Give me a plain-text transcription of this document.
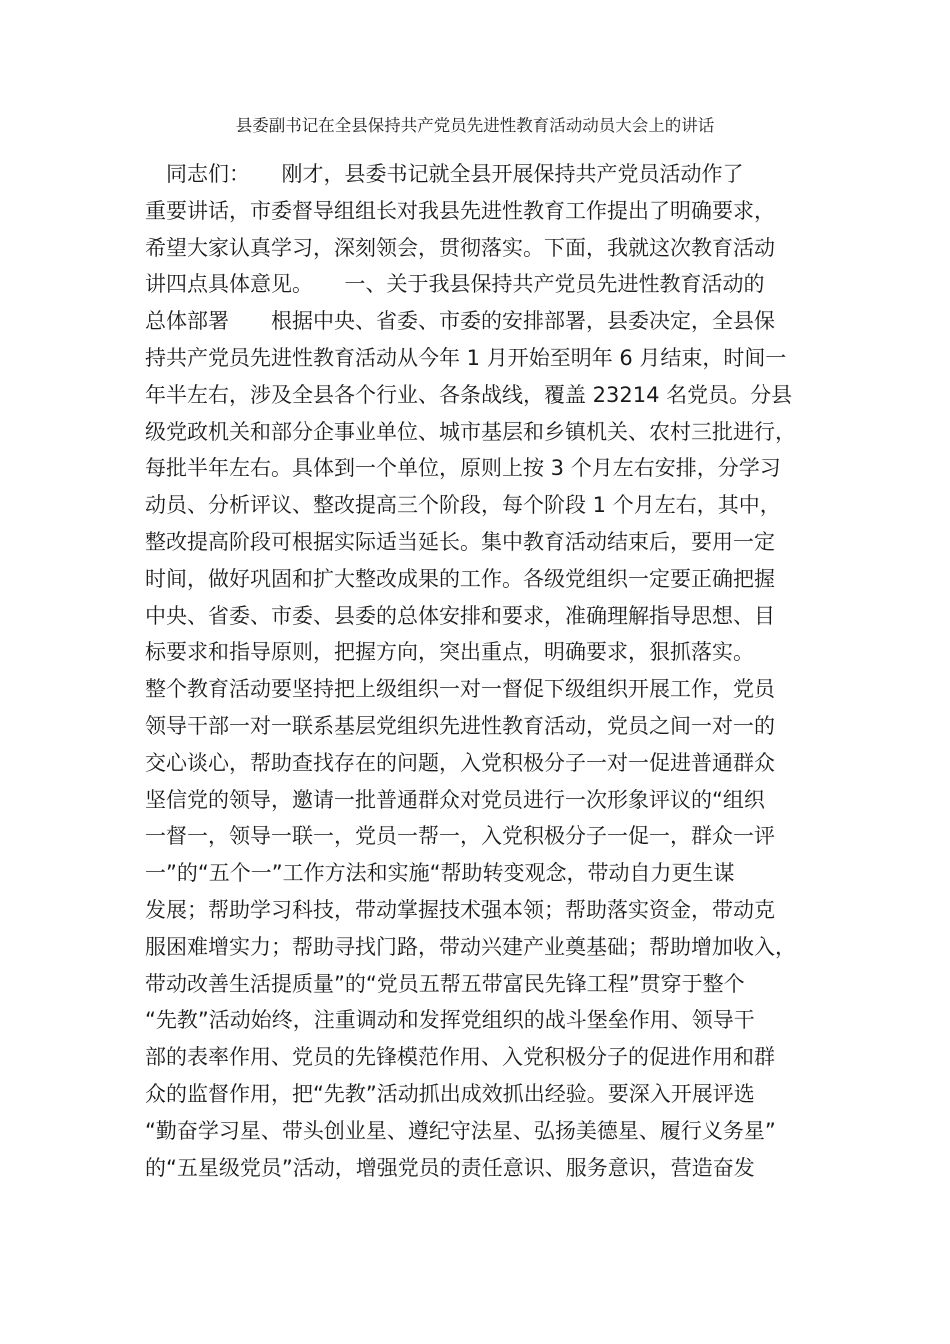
县委副书记在全县保持共产党员先进性教育活动动员大会上的讲话
　同志们：　　刚才，县委书记就全县开展保持共产党员活动作了
重要讲话，市委督导组组长对我县先进性教育工作提出了明确要求，
希望大家认真学习，深刻领会，贯彻落实。下面，我就这次教育活动
讲四点具体意见。　　一、关于我县保持共产党员先进性教育活动的
总体部署　　根据中央、省委、市委的安排部署，县委决定，全县保
持共产党员先进性教育活动从今年 1 月开始至明年 6 月结束，时间一
年半左右，涉及全县各个行业、各条战线，覆盖 23214 名党员。分县
级党政机关和部分企事业单位、城市基层和乡镇机关、农村三批进行，
每批半年左右。具体到一个单位，原则上按 3 个月左右安排，分学习
动员、分析评议、整改提高三个阶段，每个阶段 1 个月左右，其中，
整改提高阶段可根据实际适当延长。集中教育活动结束后，要用一定
时间，做好巩固和扩大整改成果的工作。各级党组织一定要正确把握
中央、省委、市委、县委的总体安排和要求，准确理解指导思想、目
标要求和指导原则，把握方向，突出重点，明确要求，狠抓落实。
整个教育活动要坚持把上级组织一对一督促下级组织开展工作，党员
领导干部一对一联系基层党组织先进性教育活动，党员之间一对一的
交心谈心，帮助查找存在的问题，入党积极分子一对一促进普通群众
坚信党的领导，邀请一批普通群众对党员进行一次形象评议的“组织
一督一，领导一联一，党员一帮一，入党积极分子一促一，群众一评
一”的“五个一”工作方法和实施“帮助转变观念，带动自力更生谋
发展；帮助学习科技，带动掌握技术强本领；帮助落实资金，带动克
服困难增实力；帮助寻找门路，带动兴建产业奠基础；帮助增加收入，
带动改善生活提质量”的“党员五帮五带富民先锋工程”贯穿于整个
“先教”活动始终，注重调动和发挥党组织的战斗堡垒作用、领导干
部的表率作用、党员的先锋模范作用、入党积极分子的促进作用和群
众的监督作用，把“先教”活动抓出成效抓出经验。要深入开展评选
“勤奋学习星、带头创业星、遵纪守法星、弘扬美德星、履行义务星”
的“五星级党员”活动，增强党员的责任意识、服务意识，营造奋发
